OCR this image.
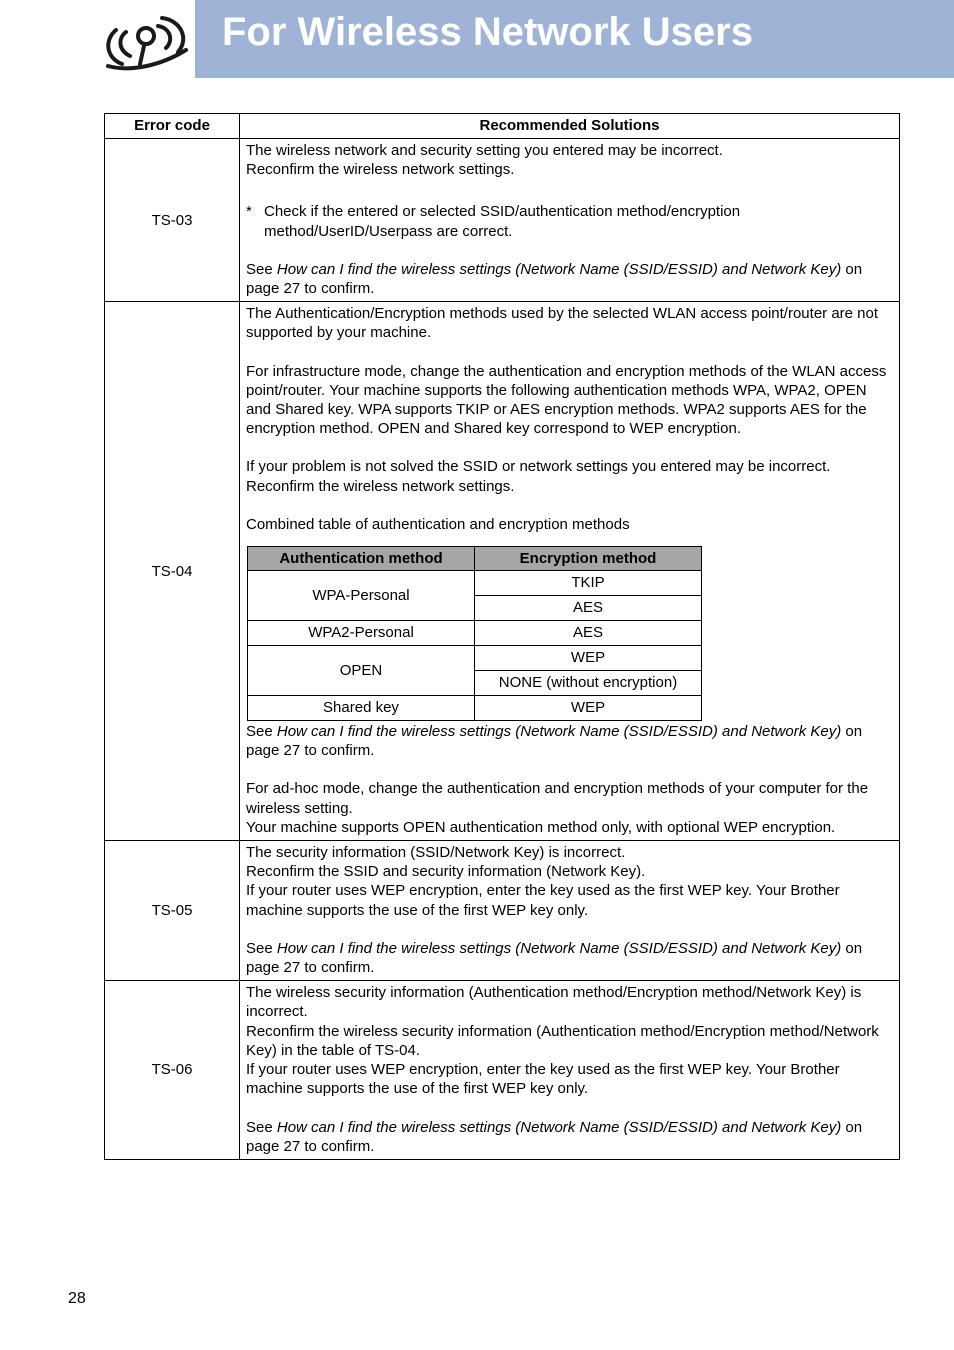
For Wireless Network Users
Error code	Recommended Solutions
TS-03	

The wireless network and security setting you entered may be incorrect.

Reconfirm the wireless network settings.

* Check if the entered or selected SSID/authentication method/encryption method/UserID/Userpass are correct.

See How can I find the wireless settings (Network Name (SSID/ESSID) and Network Key) on page 27 to confirm.

TS-04	

The Authentication/Encryption methods used by the selected WLAN access point/router are not supported by your machine.

For infrastructure mode, change the authentication and encryption methods of the WLAN access point/router. Your machine supports the following authentication methods WPA, WPA2, OPEN and Shared key. WPA supports TKIP or AES encryption methods. WPA2 supports AES for the encryption method. OPEN and Shared key correspond to WEP encryption.

If your problem is not solved the SSID or network settings you entered may be incorrect.

Reconfirm the wireless network settings.

Combined table of authentication and encryption methods

Authentication method	Encryption method
WPA-Personal	TKIP
AES
WPA2-Personal	AES
OPEN	WEP
NONE (without encryption)
Shared key	WEP

See How can I find the wireless settings (Network Name (SSID/ESSID) and Network Key) on page 27 to confirm.

For ad-hoc mode, change the authentication and encryption methods of your computer for the wireless setting.

Your machine supports OPEN authentication method only, with optional WEP encryption.

TS-05	

The security information (SSID/Network Key) is incorrect.

Reconfirm the SSID and security information (Network Key).

If your router uses WEP encryption, enter the key used as the first WEP key. Your Brother machine supports the use of the first WEP key only.

See How can I find the wireless settings (Network Name (SSID/ESSID) and Network Key) on page 27 to confirm.

TS-06	

The wireless security information (Authentication method/Encryption method/Network Key) is incorrect.

Reconfirm the wireless security information (Authentication method/Encryption method/Network Key) in the table of TS-04.

If your router uses WEP encryption, enter the key used as the first WEP key. Your Brother machine supports the use of the first WEP key only.

See How can I find the wireless settings (Network Name (SSID/ESSID) and Network Key) on page 27 to confirm.

28
